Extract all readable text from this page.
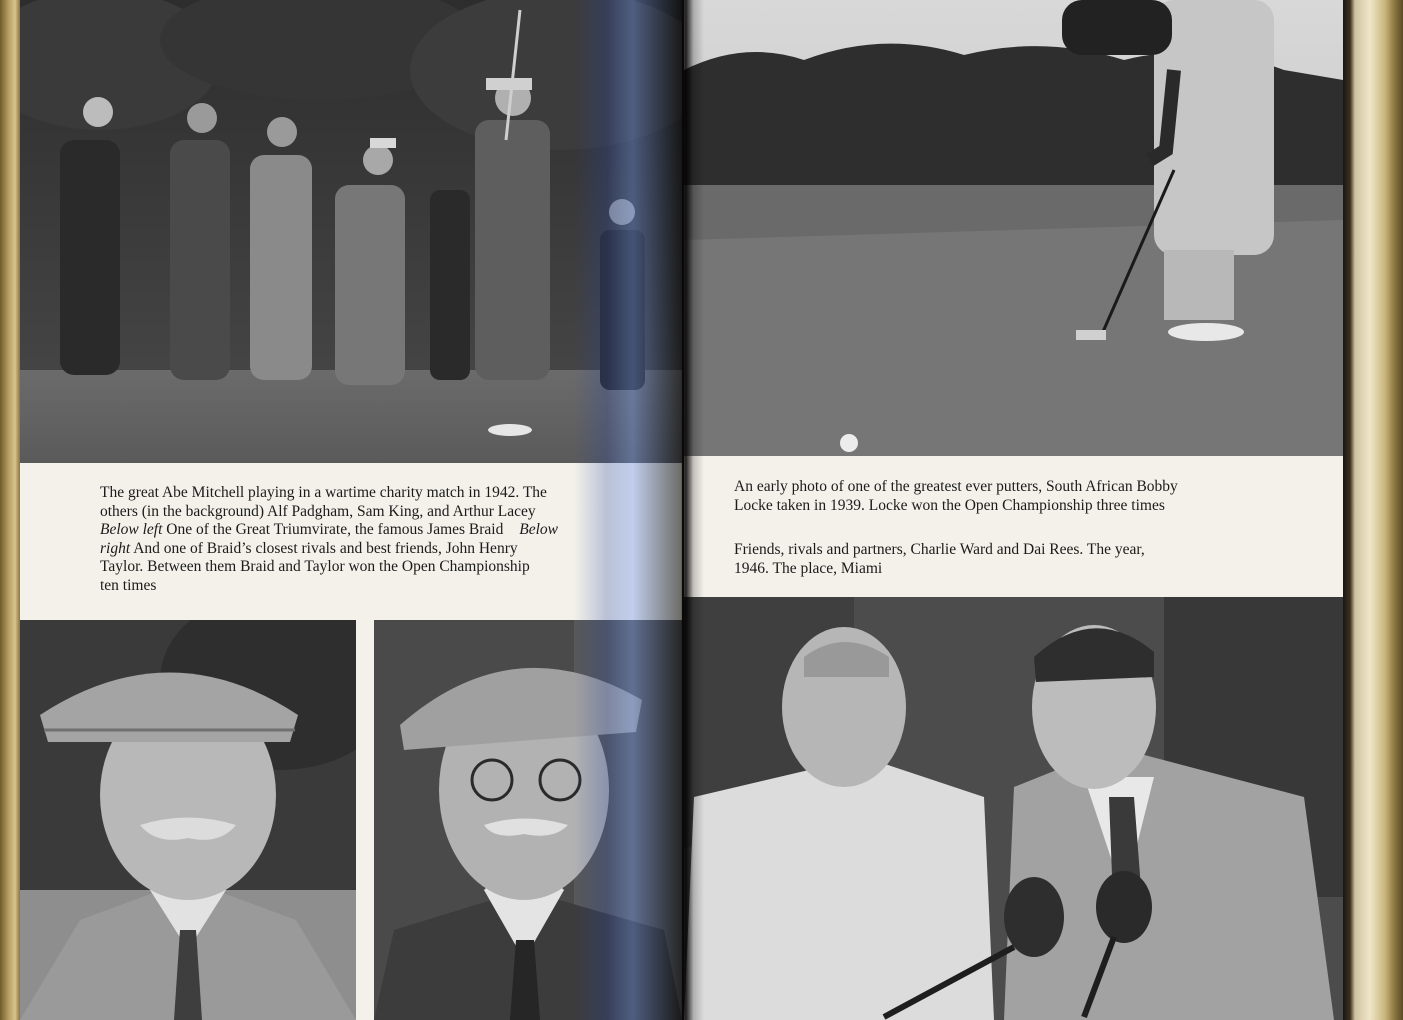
The great Abe Mitchell playing in a wartime charity match in 1942. The
others (in the background) Alf Padgham, Sam King, and Arthur Lacey
Below left One of the Great Triumvirate, the famous James Braid Below
right And one of Braid’s closest rivals and best friends, John Henry
Taylor. Between them Braid and Taylor won the Open Championship
ten times
An early photo of one of the greatest ever putters, South African Bobby
Locke taken in 1939. Locke won the Open Championship three times
Friends, rivals and partners, Charlie Ward and Dai Rees. The year,
1946. The place, Miami
